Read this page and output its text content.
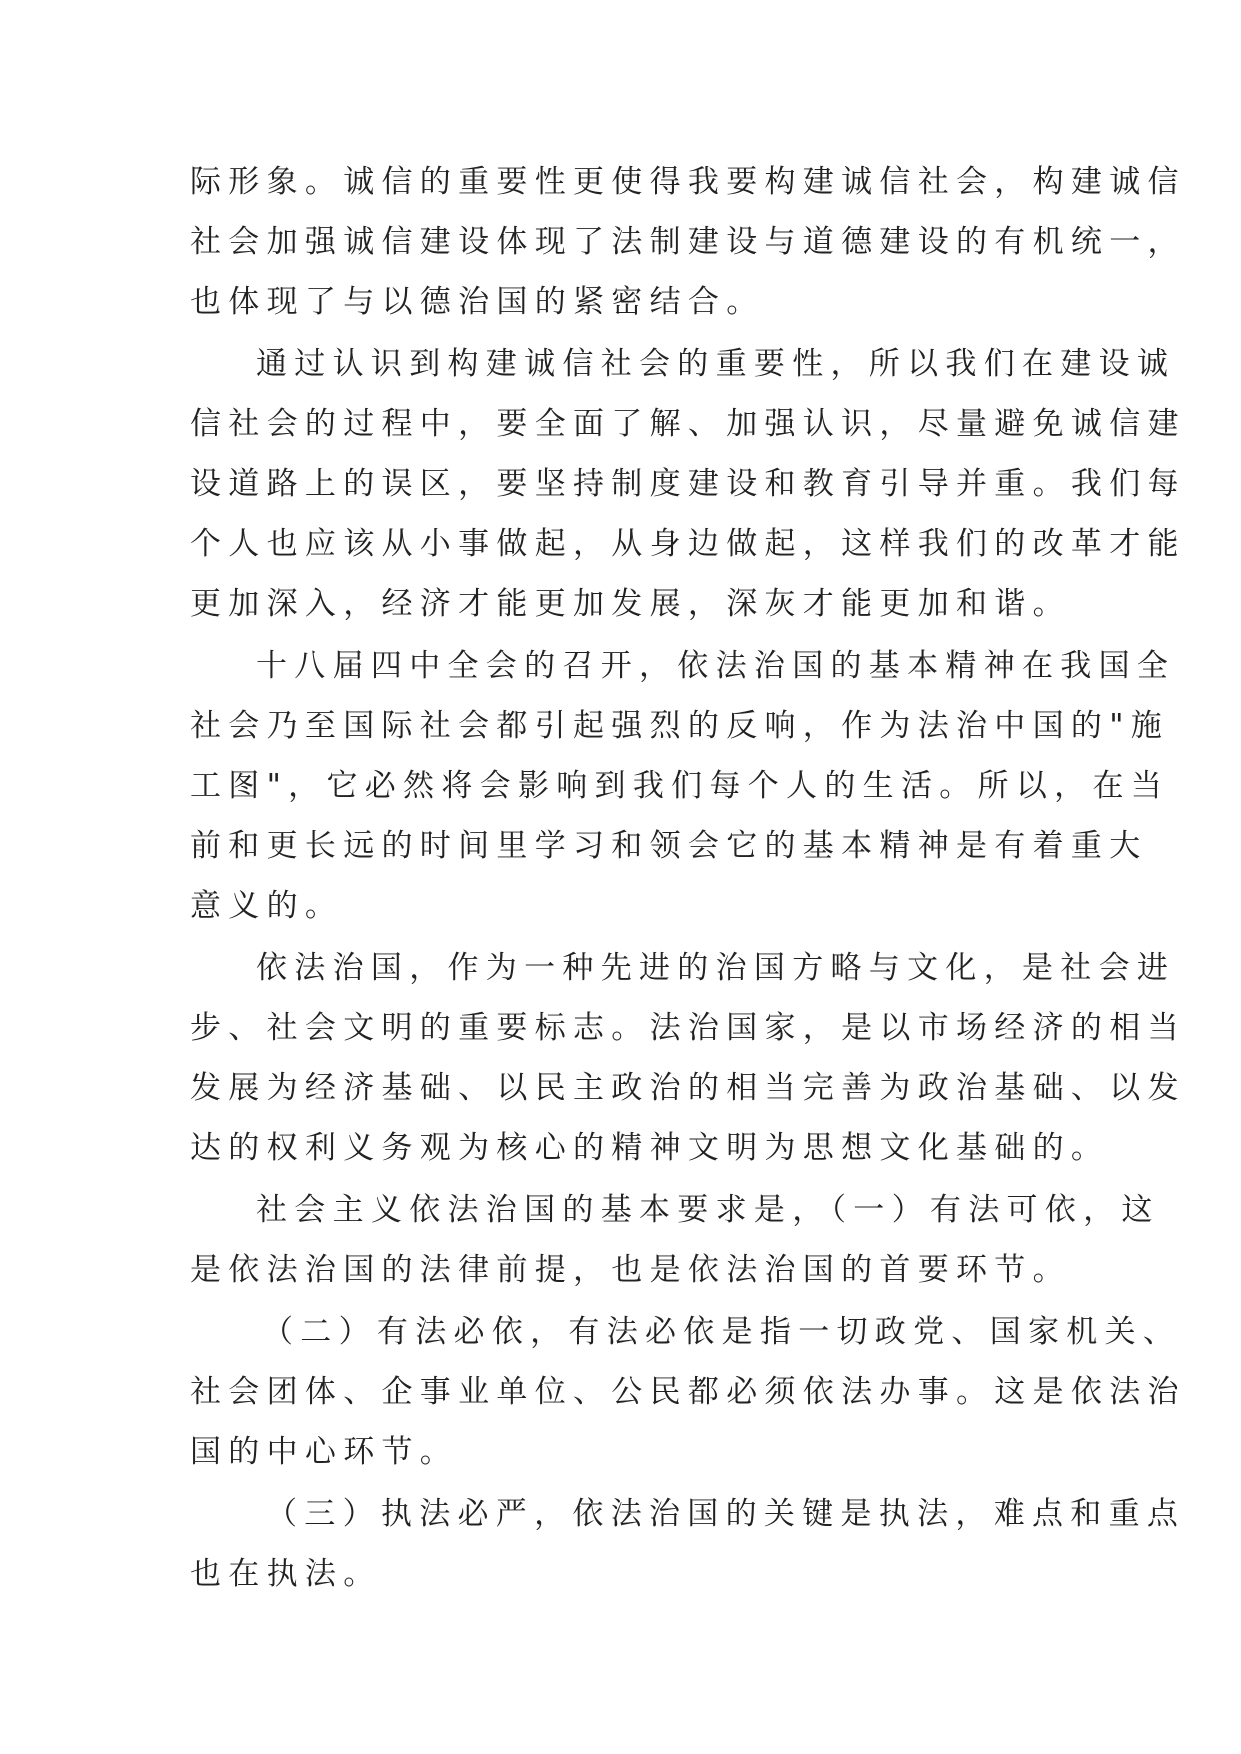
际形象。诚信的重要性更使得我要构建诚信社会，构建诚信
社会加强诚信建设体现了法制建设与道德建设的有机统一，
也体现了与以德治国的紧密结合。
通过认识到构建诚信社会的重要性，所以我们在建设诚
信社会的过程中，要全面了解、加强认识，尽量避免诚信建
设道路上的误区，要坚持制度建设和教育引导并重。我们每
个人也应该从小事做起，从身边做起，这样我们的改革才能
更加深入，经济才能更加发展，深灰才能更加和谐。
十八届四中全会的召开，依法治国的基本精神在我国全
社会乃至国际社会都引起强烈的反响，作为法治中国的"施
工图"，它必然将会影响到我们每个人的生活。所以，在当
前和更长远的时间里学习和领会它的基本精神是有着重大
意义的。
依法治国，作为一种先进的治国方略与文化，是社会进
步、社会文明的重要标志。法治国家，是以市场经济的相当
发展为经济基础、以民主政治的相当完善为政治基础、以发
达的权利义务观为核心的精神文明为思想文化基础的。
社会主义依法治国的基本要求是，（一）有法可依，这
是依法治国的法律前提，也是依法治国的首要环节。
（二）有法必依，有法必依是指一切政党、国家机关、
社会团体、企事业单位、公民都必须依法办事。这是依法治
国的中心环节。
（三）执法必严，依法治国的关键是执法，难点和重点
也在执法。
